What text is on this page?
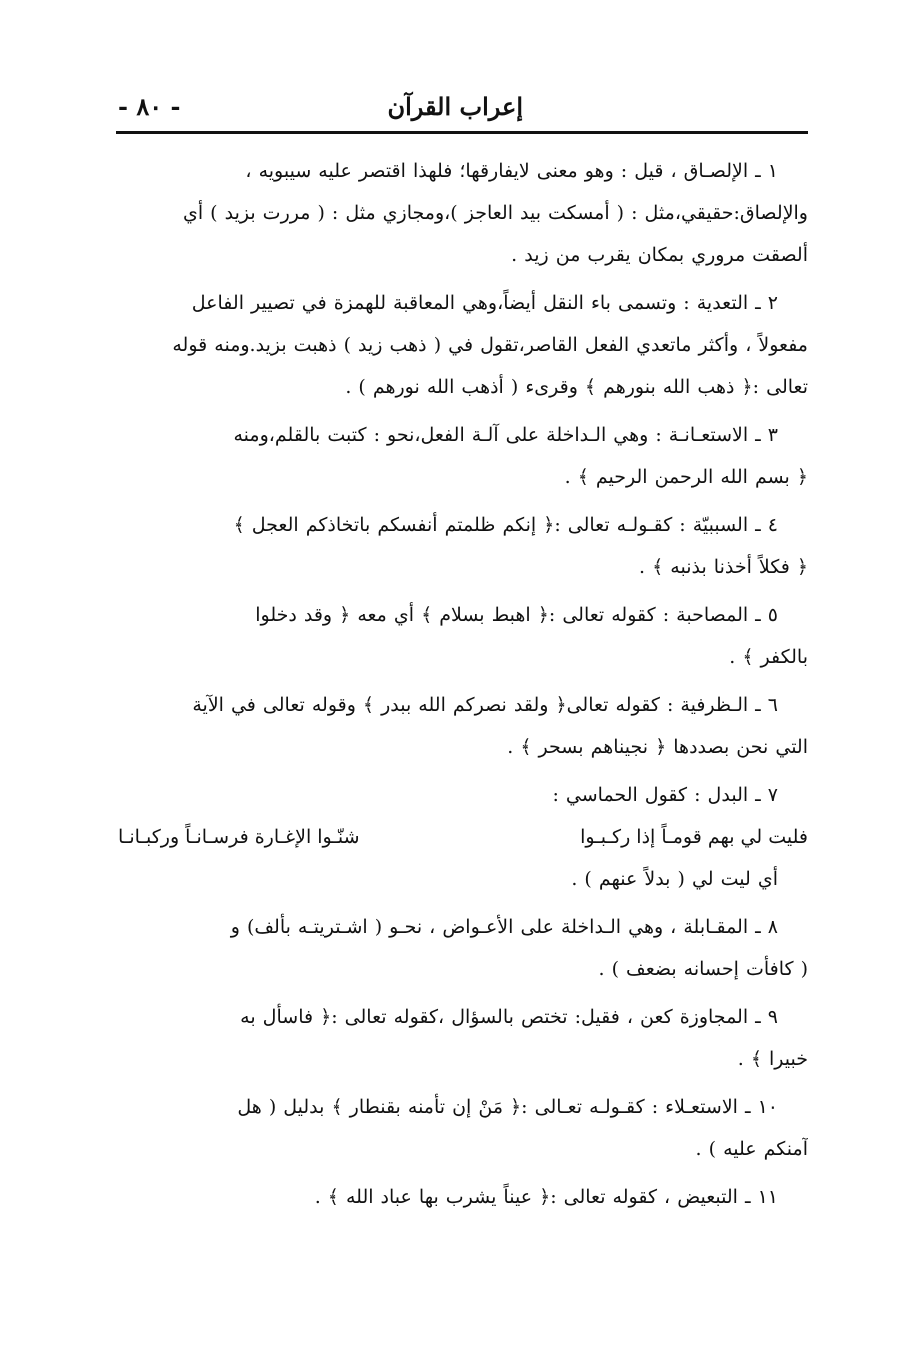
إعراب القرآن
- ٨٠ -
١ ـ الإلصـاق ، قيل : وهو معنى لايفارقها؛ فلهذا اقتصر عليه سيبويه ،
والإلصاق:حقيقي،مثل : ( أمسكت بيد العاجز )،ومجازي مثل : ( مررت بزيد ) أي
ألصقت مروري بمكان يقرب من زيد .
٢ ـ التعدية : وتسمى باء النقل أيضاً،وهي المعاقبة للهمزة في تصيير الفاعل
مفعولاً ، وأكثر ماتعدي الفعل القاصر،تقول في ( ذهب زيد ) ذهبت بزيد.ومنه قوله
تعالى :﴿ ذهب الله بنورهم ﴾ وقرىء ( أذهب الله نورهم ) .
٣ ـ الاستعـانـة : وهي الـداخلة على آلـة الفعل،نحو : كتبت بالقلم،ومنه
﴿ بسم الله الرحمن الرحيم ﴾ .
٤ ـ السببيّة : كقـولـه تعالى :﴿ إنكم ظلمتم أنفسكم باتخاذكم العجل ﴾
﴿ فكلاً أخذنا بذنبه ﴾ .
٥ ـ المصاحبة : كقوله تعالى :﴿ اهبط بسلام ﴾ أي معه ﴿ وقد دخلوا
بالكفر ﴾ .
٦ ـ الـظرفية : كقوله تعالى﴿ ولقد نصركم الله ببدر ﴾ وقوله تعالى في الآية
التي نحن بصددها ﴿ نجيناهم بسحر ﴾ .
٧ ـ البدل : كقول الحماسي :
فليت لي بهم قومـاً إذا ركـبـوا
شنّـوا الإغـارة فرسـانـاً وركبـانـا
أي ليت لي ( بدلاً عنهم ) .
٨ ـ المقـابلة ، وهي الـداخلة على الأعـواض ، نحـو ( اشـتريتـه بألف) و
( كافأت إحسانه بضعف ) .
٩ ـ المجاوزة كعن ، فقيل: تختص بالسؤال ،كقوله تعالى :﴿ فاسأل به
خبيرا ﴾ .
١٠ ـ الاستعـلاء : كقـولـه تعـالى :﴿ مَنْ إن تأمنه بقنطار ﴾ بدليل ( هل
آمنكم عليه ) .
١١ ـ التبعيض ، كقوله تعالى :﴿ عيناً يشرب بها عباد الله ﴾ .
